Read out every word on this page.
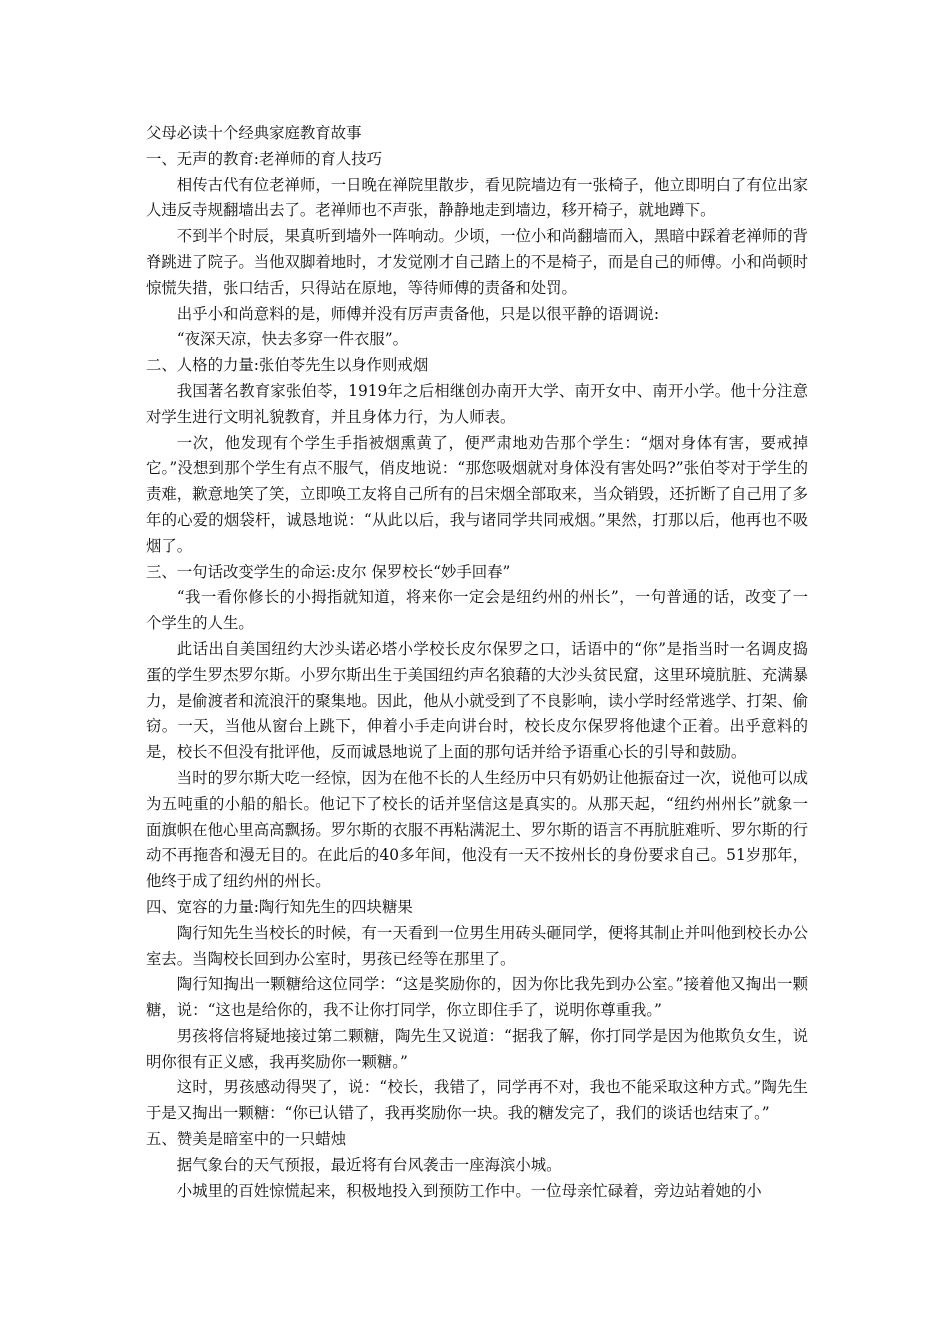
父母必读十个经典家庭教育故事

一、无声的教育:老禅师的育人技巧

相传古代有位老禅师，一日晚在禅院里散步，看见院墙边有一张椅子，他立即明白了有位出家人违反寺规翻墙出去了。老禅师也不声张，静静地走到墙边，移开椅子，就地蹲下。

不到半个时辰，果真听到墙外一阵响动。少顷，一位小和尚翻墙而入，黑暗中踩着老禅师的背脊跳进了院子。当他双脚着地时，才发觉刚才自己踏上的不是椅子，而是自己的师傅。小和尚顿时惊慌失措，张口结舌，只得站在原地，等待师傅的责备和处罚。

出乎小和尚意料的是，师傅并没有厉声责备他，只是以很平静的语调说:

“夜深天凉，快去多穿一件衣服”。

二、人格的力量:张伯苓先生以身作则戒烟

我国著名教育家张伯苓，1919年之后相继创办南开大学、南开女中、南开小学。他十分注意对学生进行文明礼貌教育，并且身体力行，为人师表。

一次，他发现有个学生手指被烟熏黄了，便严肃地劝告那个学生：“烟对身体有害，要戒掉它。”没想到那个学生有点不服气，俏皮地说：“那您吸烟就对身体没有害处吗?”张伯苓对于学生的责难，歉意地笑了笑，立即唤工友将自己所有的吕宋烟全部取来，当众销毁，还折断了自己用了多年的心爱的烟袋杆，诚恳地说：“从此以后，我与诸同学共同戒烟。”果然，打那以后，他再也不吸烟了。

三、一句话改变学生的命运:皮尔 保罗校长“妙手回春”

“我一看你修长的小拇指就知道，将来你一定会是纽约州的州长”，一句普通的话，改变了一个学生的人生。

此话出自美国纽约大沙头诺必塔小学校长皮尔保罗之口，话语中的“你”是指当时一名调皮捣蛋的学生罗杰罗尔斯。小罗尔斯出生于美国纽约声名狼藉的大沙头贫民窟，这里环境肮脏、充满暴力，是偷渡者和流浪汗的聚集地。因此，他从小就受到了不良影响，读小学时经常逃学、打架、偷窃。一天，当他从窗台上跳下，伸着小手走向讲台时，校长皮尔保罗将他逮个正着。出乎意料的是，校长不但没有批评他，反而诚恳地说了上面的那句话并给予语重心长的引导和鼓励。

当时的罗尔斯大吃一经惊，因为在他不长的人生经历中只有奶奶让他振奋过一次，说他可以成为五吨重的小船的船长。他记下了校长的话并坚信这是真实的。从那天起，“纽约州州长”就象一面旗帜在他心里高高飘扬。罗尔斯的衣服不再粘满泥土、罗尔斯的语言不再肮脏难听、罗尔斯的行动不再拖沓和漫无目的。在此后的40多年间，他没有一天不按州长的身份要求自己。51岁那年，他终于成了纽约州的州长。

四、宽容的力量:陶行知先生的四块糖果

陶行知先生当校长的时候，有一天看到一位男生用砖头砸同学，便将其制止并叫他到校长办公室去。当陶校长回到办公室时，男孩已经等在那里了。

陶行知掏出一颗糖给这位同学：“这是奖励你的，因为你比我先到办公室。”接着他又掏出一颗糖，说：“这也是给你的，我不让你打同学，你立即住手了，说明你尊重我。”

男孩将信将疑地接过第二颗糖，陶先生又说道：“据我了解，你打同学是因为他欺负女生，说明你很有正义感，我再奖励你一颗糖。”

这时，男孩感动得哭了，说：“校长，我错了，同学再不对，我也不能采取这种方式。”陶先生于是又掏出一颗糖：“你已认错了，我再奖励你一块。我的糖发完了，我们的谈话也结束了。”

五、赞美是暗室中的一只蜡烛

据气象台的天气预报，最近将有台风袭击一座海滨小城。

小城里的百姓惊慌起来，积极地投入到预防工作中。一位母亲忙碌着，旁边站着她的小
